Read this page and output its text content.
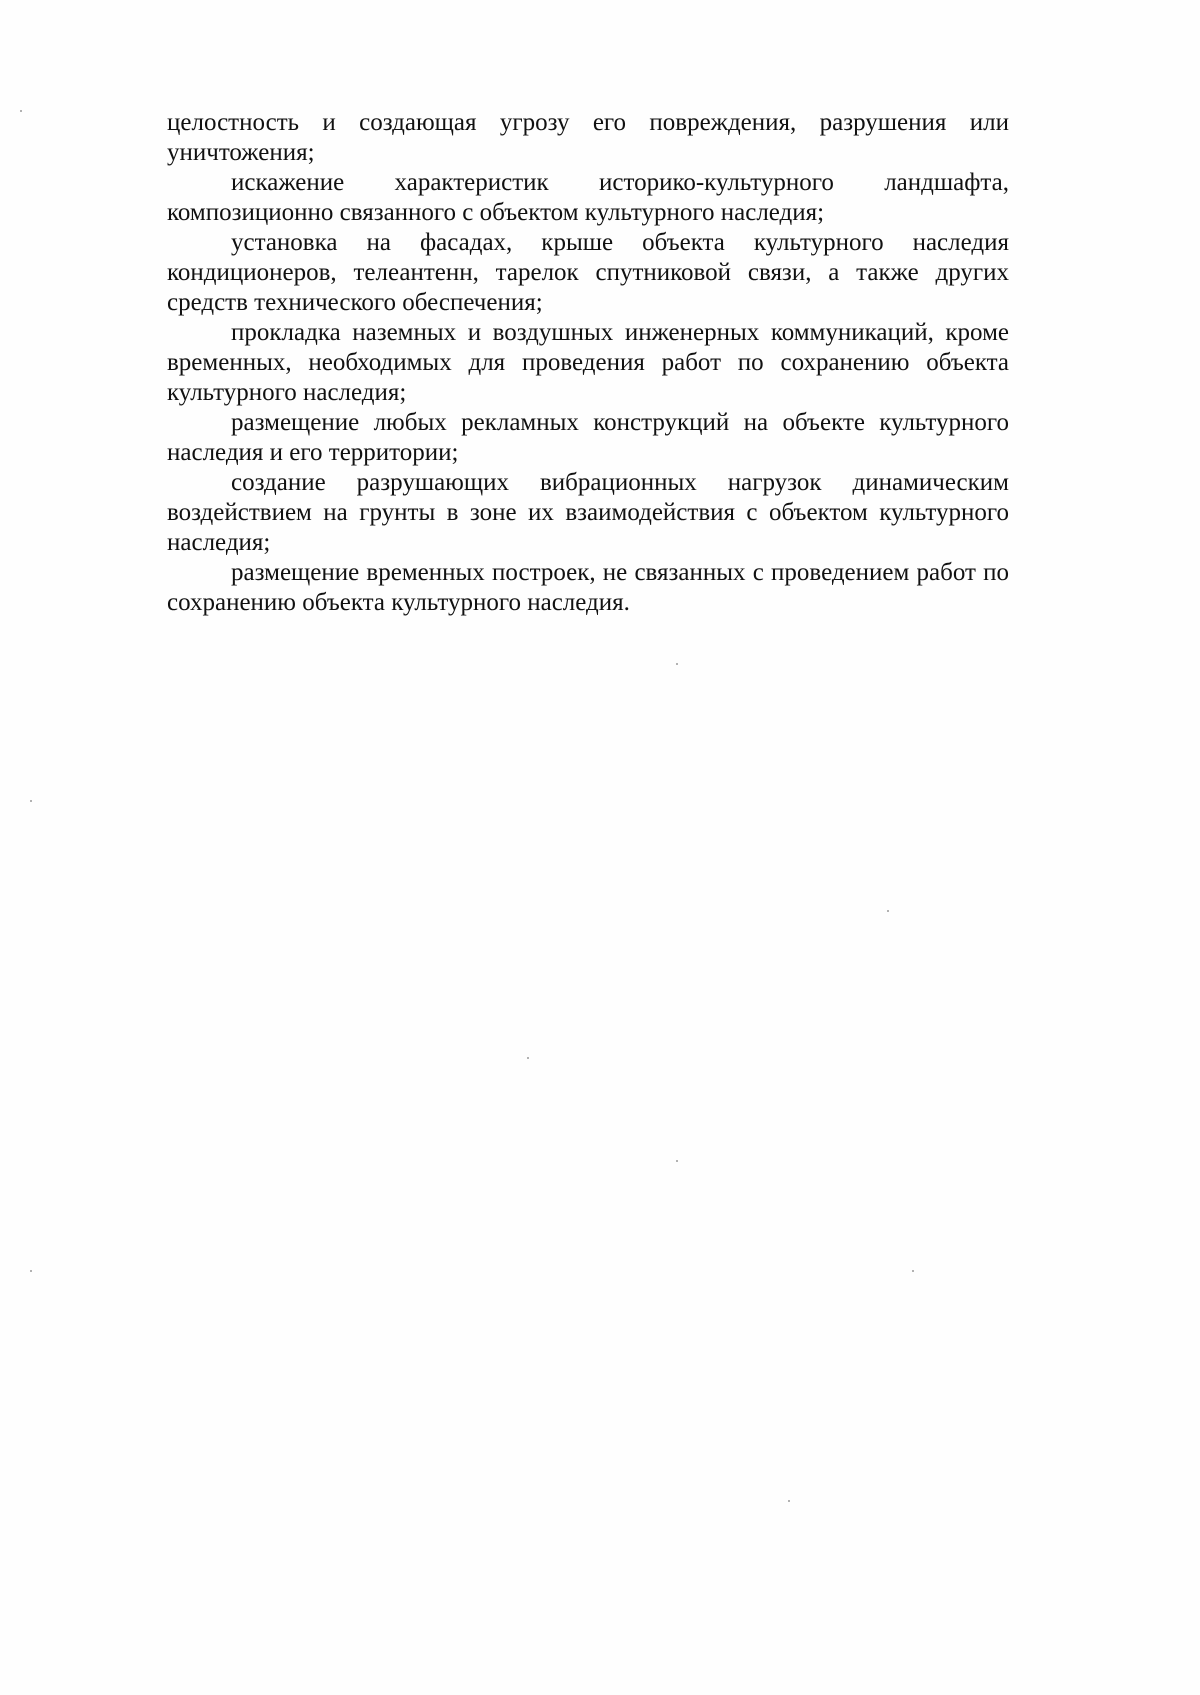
целостность и создающая угрозу его повреждения, разрушения или уничтожения;

искажение характеристик историко-культурного ландшафта, композиционно связанного с объектом культурного наследия;

установка на фасадах, крыше объекта культурного наследия кондиционеров, телеантенн, тарелок спутниковой связи, а также других средств технического обеспечения;

прокладка наземных и воздушных инженерных коммуникаций, кроме временных, необходимых для проведения работ по сохранению объекта культурного наследия;

размещение любых рекламных конструкций на объекте культурного наследия и его территории;

создание разрушающих вибрационных нагрузок динамическим воздействием на грунты в зоне их взаимодействия с объектом культурного наследия;

размещение временных построек, не связанных с проведением работ по сохранению объекта культурного наследия.
